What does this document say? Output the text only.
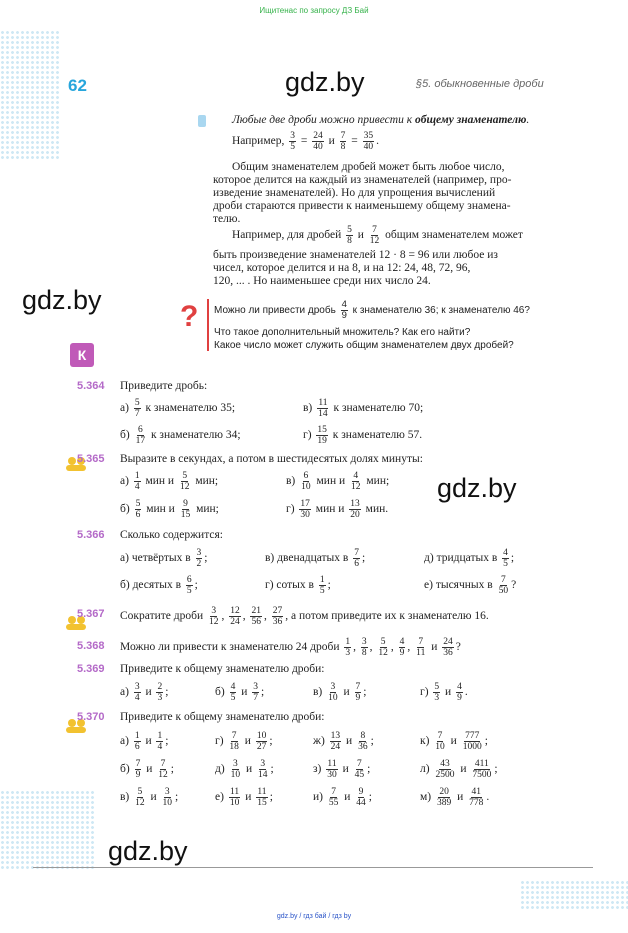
Ищитенас по запросу ДЗ Бай
62	§5. обыкновенные дроби
gdz.by
gdz.by
gdz.by
gdz.by
Любые две дроби можно привести к общему знаменателю.
Например, $\frac{3}{5} = \frac{24}{40}$ и $\frac{7}{8} = \frac{35}{40}$ .
Общим знаменателем дробей может быть любое число,
которое делится на каждый из знаменателей (например, про-
изведение знаменателей). Но для упрощения вычислений
дроби стараются привести к наименьшему общему знамена-
телю.
Например, для дробей $\frac{5}{8}$ и $\frac{7}{12}$ общим знаменателем может
быть произведение знаменателей 12 · 8 = 96 или любое из
чисел, которое делится и на 8, и на 12: 24, 48, 72, 96,
120, ... . Но наименьшее среди них число 24.
? Можно ли привести дробь $\frac{4}{9}$ к знаменателю 36; к знаменателю 46?
Что такое дополнительный множитель? Как его найти?
Какое число может служить общим знаменателем двух дробей?
К
5.364 Приведите дробь:
$а) \frac{5}{7}$ к знаменателю 35;	$в) \frac{11}{14}$ к знаменателю 70;
$б) \frac{6}{17}$ к знаменателю 34;	$г) \frac{15}{19}$ к знаменателю 57.
5.365 Выразите в секундах, а потом в шестидесятых долях минуты:
$а) \frac{1}{4}$ мин и $\frac{5}{12}$ мин;	$в) \frac{6}{10}$ мин и $\frac{4}{12}$ мин;
$б) \frac{5}{6}$ мин и $\frac{9}{15}$ мин;	$г) \frac{17}{30}$ мин и $\frac{13}{20}$ мин.
5.366 Сколько содержится:
а) четвёртых в $\frac{3}{2}$ ;	в) двенадцатых в $\frac{7}{6}$ ;	д) тридцатых в $\frac{4}{5}$ ;
б) десятых в $\frac{6}{5}$ ;	г) сотых в $\frac{1}{5}$ ;	е) тысячных в $\frac{7}{50}$ ?
5.367 Сократите дроби $\frac{3}{12}$ , $\frac{12}{24}$ , $\frac{21}{56}$ , $\frac{27}{36}$ , а потом приведите их к знаменателю 16.
5.368 Можно ли привести к знаменателю 24 дроби $\frac{1}{3}$ , $\frac{3}{8}$ , $\frac{5}{12}$ , $\frac{4}{9}$ , $\frac{7}{11}$ и $\frac{24}{36}$ ?
5.369 Приведите к общему знаменателю дроби:
$а) \frac{3}{4}$ и $\frac{2}{3}$ ;	$б) \frac{4}{5}$ и $\frac{3}{7}$ ;	$в) \frac{3}{10}$ и $\frac{7}{9}$ ;	$г) \frac{5}{3}$ и $\frac{4}{9}$ .
5.370 Приведите к общему знаменателю дроби:
$а) \frac{1}{6}$ и $\frac{1}{4}$ ;	$г) \frac{7}{18}$ и $\frac{10}{27}$ ;	$ж) \frac{13}{24}$ и $\frac{8}{36}$ ;	$к) \frac{7}{10}$ и $\frac{777}{1000}$ ;
$б) \frac{7}{9}$ и $\frac{7}{12}$ ;	$д) \frac{3}{10}$ и $\frac{3}{14}$ ;	$з) \frac{11}{30}$ и $\frac{7}{45}$ ;	$л) \frac{43}{2500}$ и $\frac{411}{7500}$ ;
$в) \frac{5}{12}$ и $\frac{3}{10}$ ;	$е) \frac{11}{10}$ и $\frac{11}{15}$ ;	$и) \frac{7}{55}$ и $\frac{9}{44}$ ;	$м) \frac{20}{389}$ и $\frac{41}{778}$ .
gdz.by / гдз бай / гдз by
